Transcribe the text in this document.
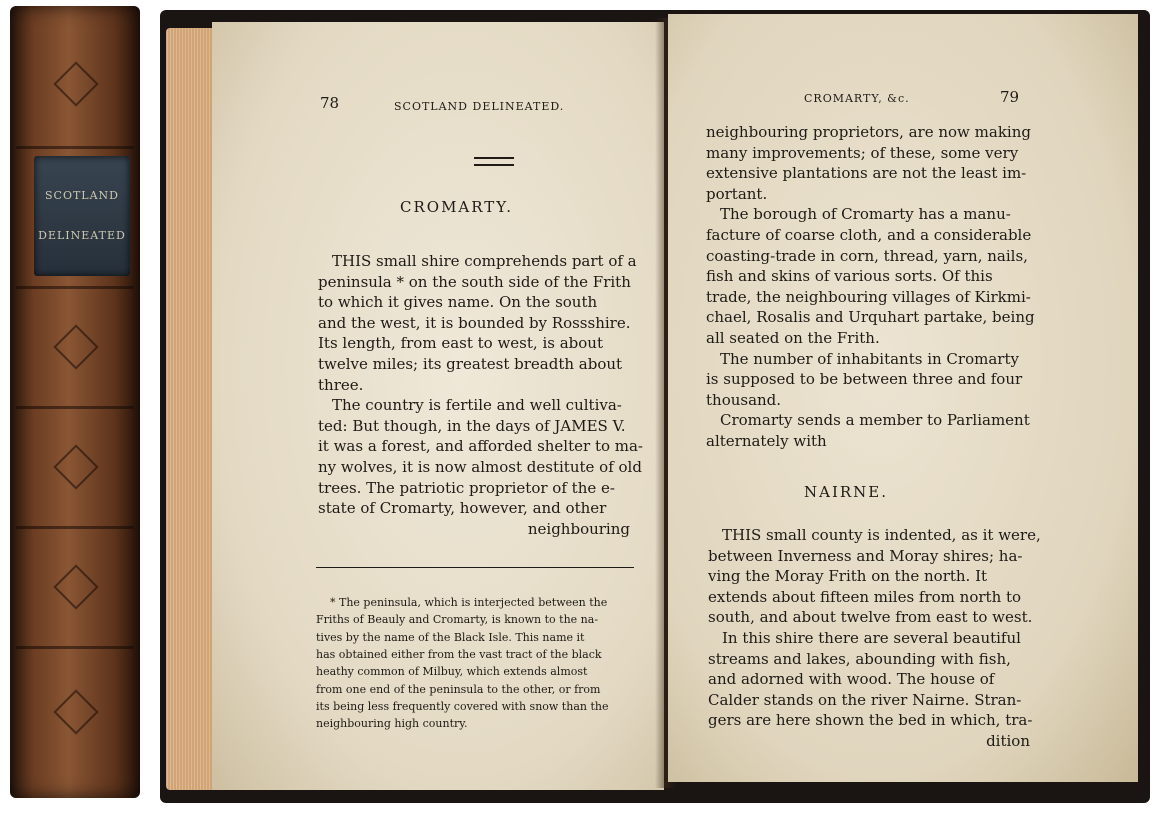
SCOTLAND
DELINEATED
78	SCOTLAND DELINEATED.
CROMARTY.
THIS small shire comprehends part of a
peninsula * on the south side of the Frith
to which it gives name. On the south
and the west, it is bounded by Rossshire.
Its length, from east to west, is about
twelve miles; its greatest breadth about
three.
The country is fertile and well cultiva-
ted: But though, in the days of JAMES V.
it was a forest, and afforded shelter to ma-
ny wolves, it is now almost destitute of old
trees. The patriotic proprietor of the e-
state of Cromarty, however, and other
neighbouring
* The peninsula, which is interjected between the
Friths of Beauly and Cromarty, is known to the na-
tives by the name of the Black Isle. This name it
has obtained either from the vast tract of the black
heathy common of Milbuy, which extends almost
from one end of the peninsula to the other, or from
its being less frequently covered with snow than the
neighbouring high country.
CROMARTY, &c.	79
neighbouring proprietors, are now making
many improvements; of these, some very
extensive plantations are not the least im-
portant.
The borough of Cromarty has a manu-
facture of coarse cloth, and a considerable
coasting-trade in corn, thread, yarn, nails,
fish and skins of various sorts. Of this
trade, the neighbouring villages of Kirkmi-
chael, Rosalis and Urquhart partake, being
all seated on the Frith.
The number of inhabitants in Cromarty
is supposed to be between three and four
thousand.
Cromarty sends a member to Parliament
alternately with
NAIRNE.
THIS small county is indented, as it were,
between Inverness and Moray shires; ha-
ving the Moray Frith on the north. It
extends about fifteen miles from north to
south, and about twelve from east to west.
In this shire there are several beautiful
streams and lakes, abounding with fish,
and adorned with wood. The house of
Calder stands on the river Nairne. Stran-
gers are here shown the bed in which, tra-
dition
